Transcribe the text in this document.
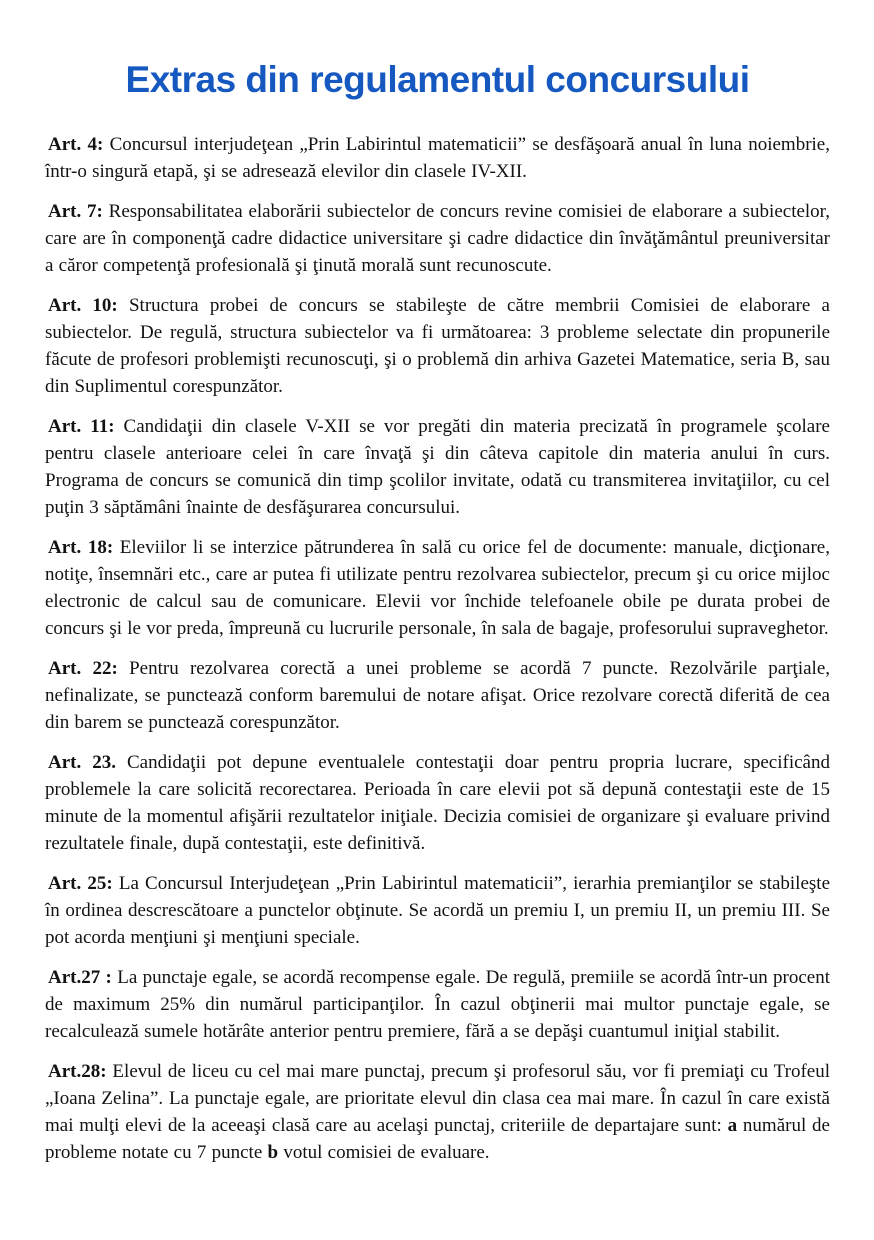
Extras din regulamentul concursului

Art. 4: Concursul interjudeţean „Prin Labirintul matematicii” se desfăşoară anual în luna noiembrie, într-o singură etapă, şi se adresează elevilor din clasele IV-XII.

Art. 7: Responsabilitatea elaborării subiectelor de concurs revine comisiei de elaborare a subiectelor, care are în componenţă cadre didactice universitare şi cadre didactice din învăţământul preuniversitar a căror competenţă profesională şi ţinută morală sunt recunoscute.

Art. 10: Structura probei de concurs se stabileşte de către membrii Comisiei de elaborare a subiectelor. De regulă, structura subiectelor va fi următoarea: 3 probleme selectate din propunerile făcute de profesori problemişti recunoscuţi, şi o problemă din arhiva Gazetei Matematice, seria B, sau din Suplimentul corespunzător.

Art. 11: Candidaţii din clasele V-XII se vor pregăti din materia precizată în programele şcolare pentru clasele anterioare celei în care învaţă şi din câteva capitole din materia anului în curs. Programa de concurs se comunică din timp şcolilor invitate, odată cu transmiterea invitaţiilor, cu cel puţin 3 săptămâni înainte de desfăşurarea concursului.

Art. 18: Eleviilor li se interzice pătrunderea în sală cu orice fel de documente: manuale, dicţionare, notiţe, însemnări etc., care ar putea fi utilizate pentru rezolvarea subiectelor, precum şi cu orice mijloc electronic de calcul sau de comunicare. Elevii vor închide telefoanele obile pe durata probei de concurs şi le vor preda, împreună cu lucrurile personale, în sala de bagaje, profesorului supraveghetor.

Art. 22: Pentru rezolvarea corectă a unei probleme se acordă 7 puncte. Rezolvările parţiale, nefinalizate, se punctează conform baremului de notare afişat. Orice rezolvare corectă diferită de cea din barem se punctează corespunzător.

Art. 23. Candidaţii pot depune eventualele contestaţii doar pentru propria lucrare, specificând problemele la care solicită recorectarea. Perioada în care elevii pot să depună contestaţii este de 15 minute de la momentul afişării rezultatelor iniţiale. Decizia comisiei de organizare şi evaluare privind rezultatele finale, după contestaţii, este definitivă.

Art. 25: La Concursul Interjudeţean „Prin Labirintul matematicii”, ierarhia premianţilor se stabileşte în ordinea descrescătoare a punctelor obţinute. Se acordă un premiu I, un premiu II, un premiu III. Se pot acorda menţiuni şi menţiuni speciale.

Art.27 : La punctaje egale, se acordă recompense egale. De regulă, premiile se acordă într-un procent de maximum 25% din numărul participanţilor. În cazul obţinerii mai multor punctaje egale, se recalculează sumele hotărâte anterior pentru premiere, fără a se depăşi cuantumul iniţial stabilit.

Art.28: Elevul de liceu cu cel mai mare punctaj, precum şi profesorul său, vor fi premiaţi cu Trofeul „Ioana Zelina”. La punctaje egale, are prioritate elevul din clasa cea mai mare. În cazul în care există mai mulţi elevi de la aceeaşi clasă care au acelaşi punctaj, criteriile de departajare sunt: a numărul de probleme notate cu 7 puncte b votul comisiei de evaluare.
